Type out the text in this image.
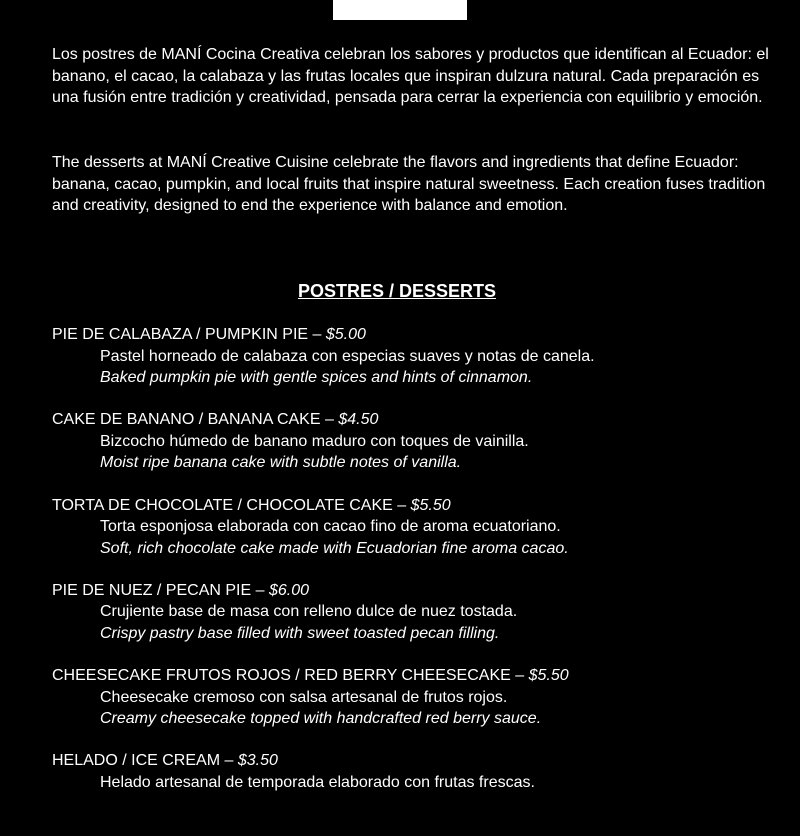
Los postres de MANÍ Cocina Creativa celebran los sabores y productos que identifican al Ecuador: el banano, el cacao, la calabaza y las frutas locales que inspiran dulzura natural. Cada preparación es una fusión entre tradición y creatividad, pensada para cerrar la experiencia con equilibrio y emoción.

The desserts at MANÍ Creative Cuisine celebrate the flavors and ingredients that define Ecuador: banana, cacao, pumpkin, and local fruits that inspire natural sweetness. Each creation fuses tradition and creativity, designed to end the experience with balance and emotion.

POSTRES / DESSERTS
PIE DE CALABAZA / PUMPKIN PIE – $5.00
Pastel horneado de calabaza con especias suaves y notas de canela.
Baked pumpkin pie with gentle spices and hints of cinnamon.
CAKE DE BANANO / BANANA CAKE – $4.50
Bizcocho húmedo de banano maduro con toques de vainilla.
Moist ripe banana cake with subtle notes of vanilla.
TORTA DE CHOCOLATE / CHOCOLATE CAKE – $5.50
Torta esponjosa elaborada con cacao fino de aroma ecuatoriano.
Soft, rich chocolate cake made with Ecuadorian fine aroma cacao.
PIE DE NUEZ / PECAN PIE – $6.00
Crujiente base de masa con relleno dulce de nuez tostada.
Crispy pastry base filled with sweet toasted pecan filling.
CHEESECAKE FRUTOS ROJOS / RED BERRY CHEESECAKE – $5.50
Cheesecake cremoso con salsa artesanal de frutos rojos.
Creamy cheesecake topped with handcrafted red berry sauce.
HELADO / ICE CREAM – $3.50
Helado artesanal de temporada elaborado con frutas frescas.
